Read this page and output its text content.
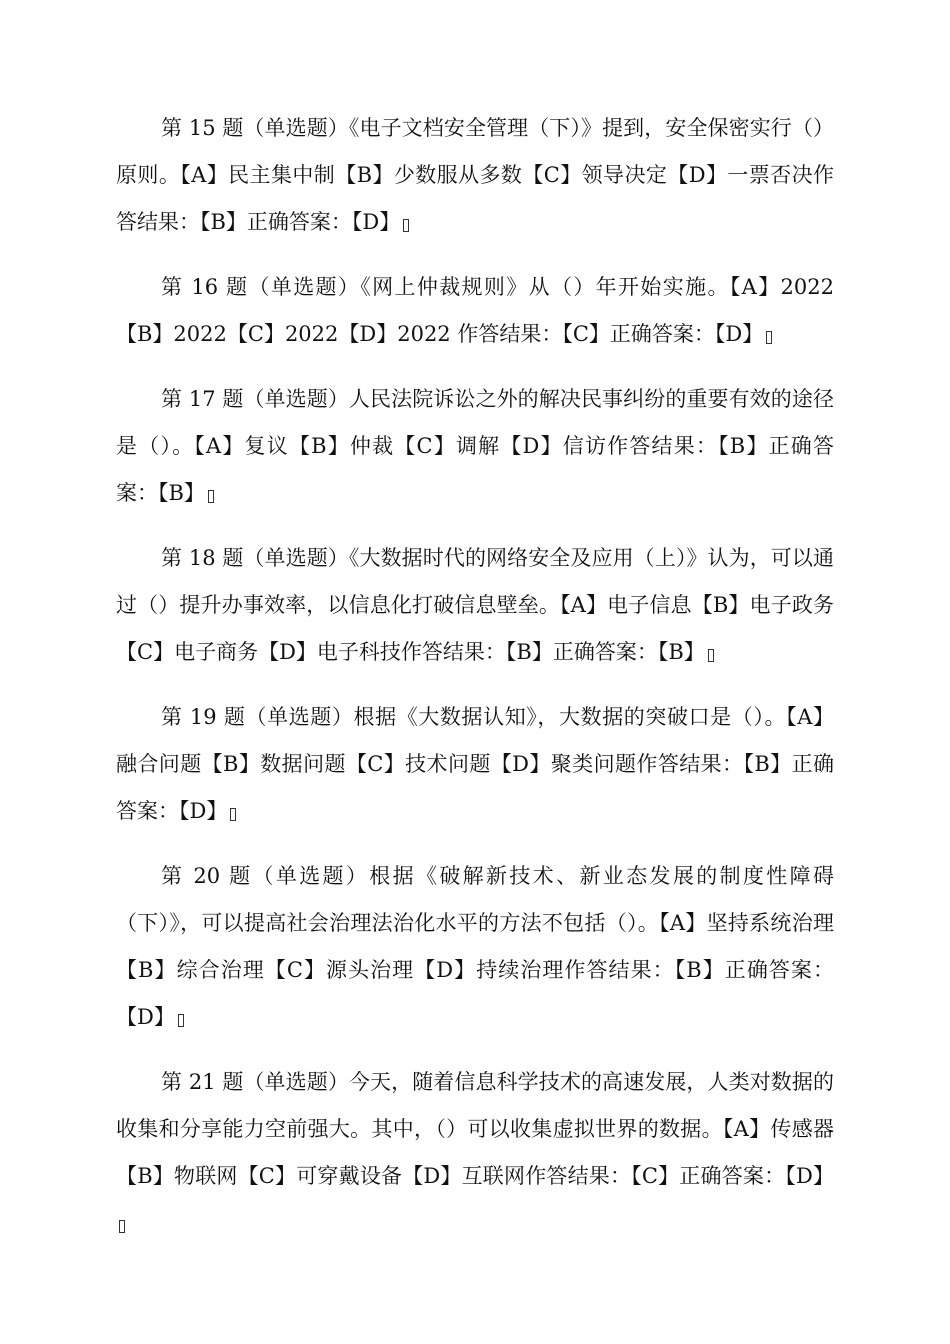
第 15 题（单选题）《电子文档安全管理（下）》提到，安全保密实行（）原则。【A】民主集中制【B】少数服从多数【C】领导决定【D】一票否决作答结果：【B】正确答案：【D】

第 16 题（单选题）《网上仲裁规则》从（）年开始实施。【A】2022【B】2022【C】2022【D】2022 作答结果：【C】正确答案：【D】

第 17 题（单选题）人民法院诉讼之外的解决民事纠纷的重要有效的途径是（）。【A】复议【B】仲裁【C】调解【D】信访作答结果：【B】正确答案：【B】

第 18 题（单选题）《大数据时代的网络安全及应用（上）》认为，可以通过（）提升办事效率，以信息化打破信息壁垒。【A】电子信息【B】电子政务【C】电子商务【D】电子科技作答结果：【B】正确答案：【B】

第 19 题（单选题）根据《大数据认知》，大数据的突破口是（）。【A】融合问题【B】数据问题【C】技术问题【D】聚类问题作答结果：【B】正确答案：【D】

第 20 题（单选题）根据《破解新技术、新业态发展的制度性障碍（下）》，可以提高社会治理法治化水平的方法不包括（）。【A】坚持系统治理【B】综合治理【C】源头治理【D】持续治理作答结果：【B】正确答案：【D】

第 21 题（单选题）今天，随着信息科学技术的高速发展，人类对数据的收集和分享能力空前强大。其中，（）可以收集虚拟世界的数据。【A】传感器【B】物联网【C】可穿戴设备【D】互联网作答结果：【C】正确答案：【D】
